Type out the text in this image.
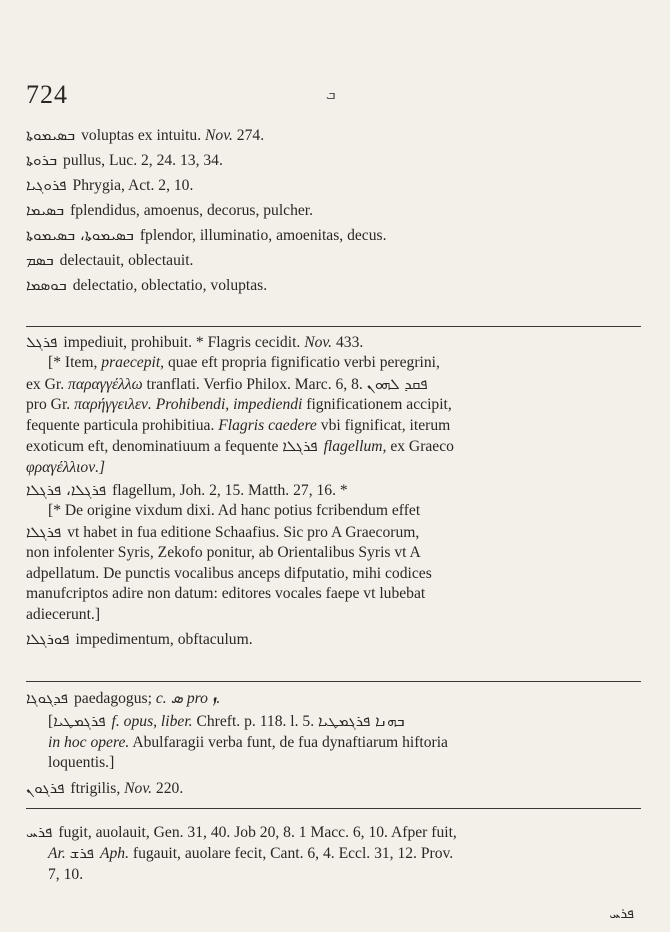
724	ܒ
ܒܣܝܡܘܬܐ voluptas ex intuitu. Nov. 274.
ܒܪܘܬܐ pullus, Luc. 2, 24. 13, 34.
ܦܪܘܓܝܐ Phrygia, Act. 2, 10.
ܒܣܝܡܐ fplendidus, amoenus, decorus, pulcher.
ܒܣܝܡܘܬܐ، ܒܣܝܡܘܬܐ fplendor, illuminatio, amoenitas, decus.
ܒܣܡ delectauit, oblectauit.
ܒܘܣܡܐ delectatio, oblectatio, voluptas.
ܦܪܓܠ impediuit, prohibuit. * Flagris cecidit. Nov. 433.
[* Item, praecepit, quae eft propria fignificatio verbi peregrini,
ex Gr. παραγγέλλω tranflati. Verfio Philox. Marc. 6, 8. ܦܩܕ ܠܗܘܢ
pro Gr. παρήγγειλεν. Prohibendi, impediendi fignificationem accipit,
fequente particula prohibitiua. Flagris caedere vbi fignificat, iterum
exoticum eft, denominatiuum a fequente ܦܪܓܠܐ flagellum, ex Graeco
φραγέλλιον.]
ܦܪܓܠܐ، ܦܪܓܠܐ flagellum, Joh. 2, 15. Matth. 27, 16. *
[* De origine vixdum dixi. Ad hanc potius fcribendum effet
ܦܪܓܠܐ vt habet in fua editione Schaafius. Sic pro A Graecorum,
non infolenter Syris, Zekofo ponitur, ab Orientalibus Syris vt A
adpellatum. De punctis vocalibus anceps difputatio, mihi codices
manufcriptos adire non datum: editores vocales faepe vt lubebat
adiecerunt.]
ܦܘܪܓܠܐ impedimentum, obftaculum.
ܦܕܓܘܓܐ paedagogus; c. ܣ pro ܙ.
[ܦܪܓܡܛܝܐ f. opus, liber. Chreft. p. 118. l. 5. ܒܗܢܐ ܦܪܓܡܛܝܐ
in hoc opere. Abulfaragii verba funt, de fua dynaftiarum hiftoria
loquentis.]
ܦܪܓܘܢ ftrigilis, Nov. 220.
ܦܪܚ fugit, auolauit, Gen. 31, 40. Job 20, 8. 1 Macc. 6, 10. Afper fuit,
Ar. ܦܪܫ Aph. fugauit, auolare fecit, Cant. 6, 4. Eccl. 31, 12. Prov.
7, 10.
ܦܪܚ
